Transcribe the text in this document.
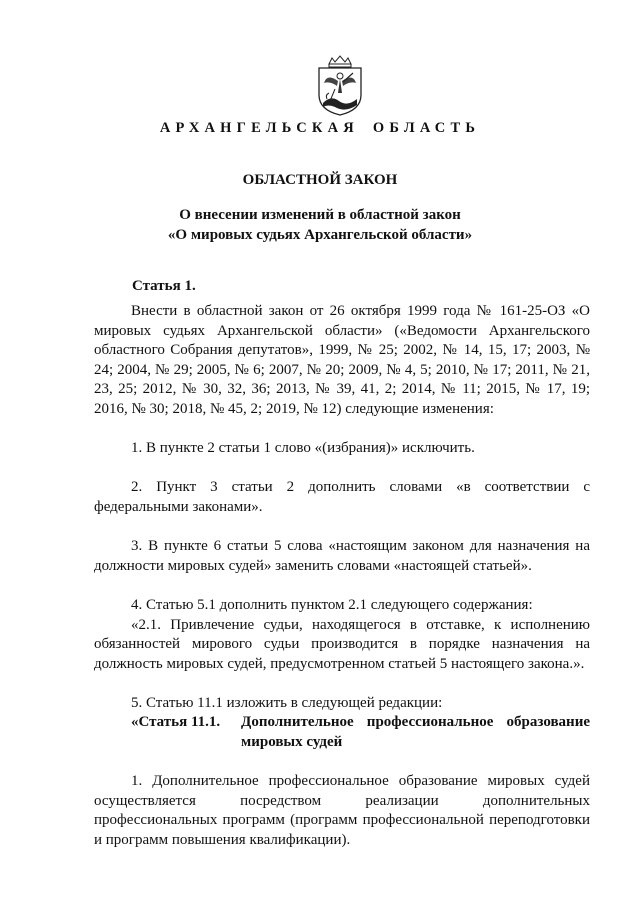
АРХАНГЕЛЬСКАЯ ОБЛАСТЬ
ОБЛАСТНОЙ ЗАКОН
О внесении изменений в областной закон
«О мировых судьях Архангельской области»
Статья 1.

Внести в областной закон от 26 октября 1999 года № 161-25-ОЗ «О мировых судьях Архангельской области» («Ведомости Архангельского областного Собрания депутатов», 1999, № 25; 2002, № 14, 15, 17; 2003, № 24; 2004, № 29; 2005, № 6; 2007, № 20; 2009, № 4, 5; 2010, № 17; 2011, № 21, 23, 25; 2012, № 30, 32, 36; 2013, № 39, 41, 2; 2014, № 11; 2015, № 17, 19; 2016, № 30; 2018, № 45, 2; 2019, № 12) следующие изменения:

1. В пункте 2 статьи 1 слово «(избрания)» исключить.

2. Пункт 3 статьи 2 дополнить словами «в соответствии с федеральными законами».

3. В пункте 6 статьи 5 слова «настоящим законом для назначения на должности мировых судей» заменить словами «настоящей статьей».

4. Статью 5.1 дополнить пунктом 2.1 следующего содержания:

«2.1. Привлечение судьи, находящегося в отставке, к исполнению обязанностей мирового судьи производится в порядке назначения на должность мировых судей, предусмотренном статьей 5 настоящего закона.».

5. Статью 11.1 изложить в следующей редакции:

«Статья 11.1.	Дополнительное профессиональное образование мировых судей

1. Дополнительное профессиональное образование мировых судей осуществляется посредством реализации дополнительных профессиональных программ (программ профессиональной переподготовки и программ повышения квалификации).
